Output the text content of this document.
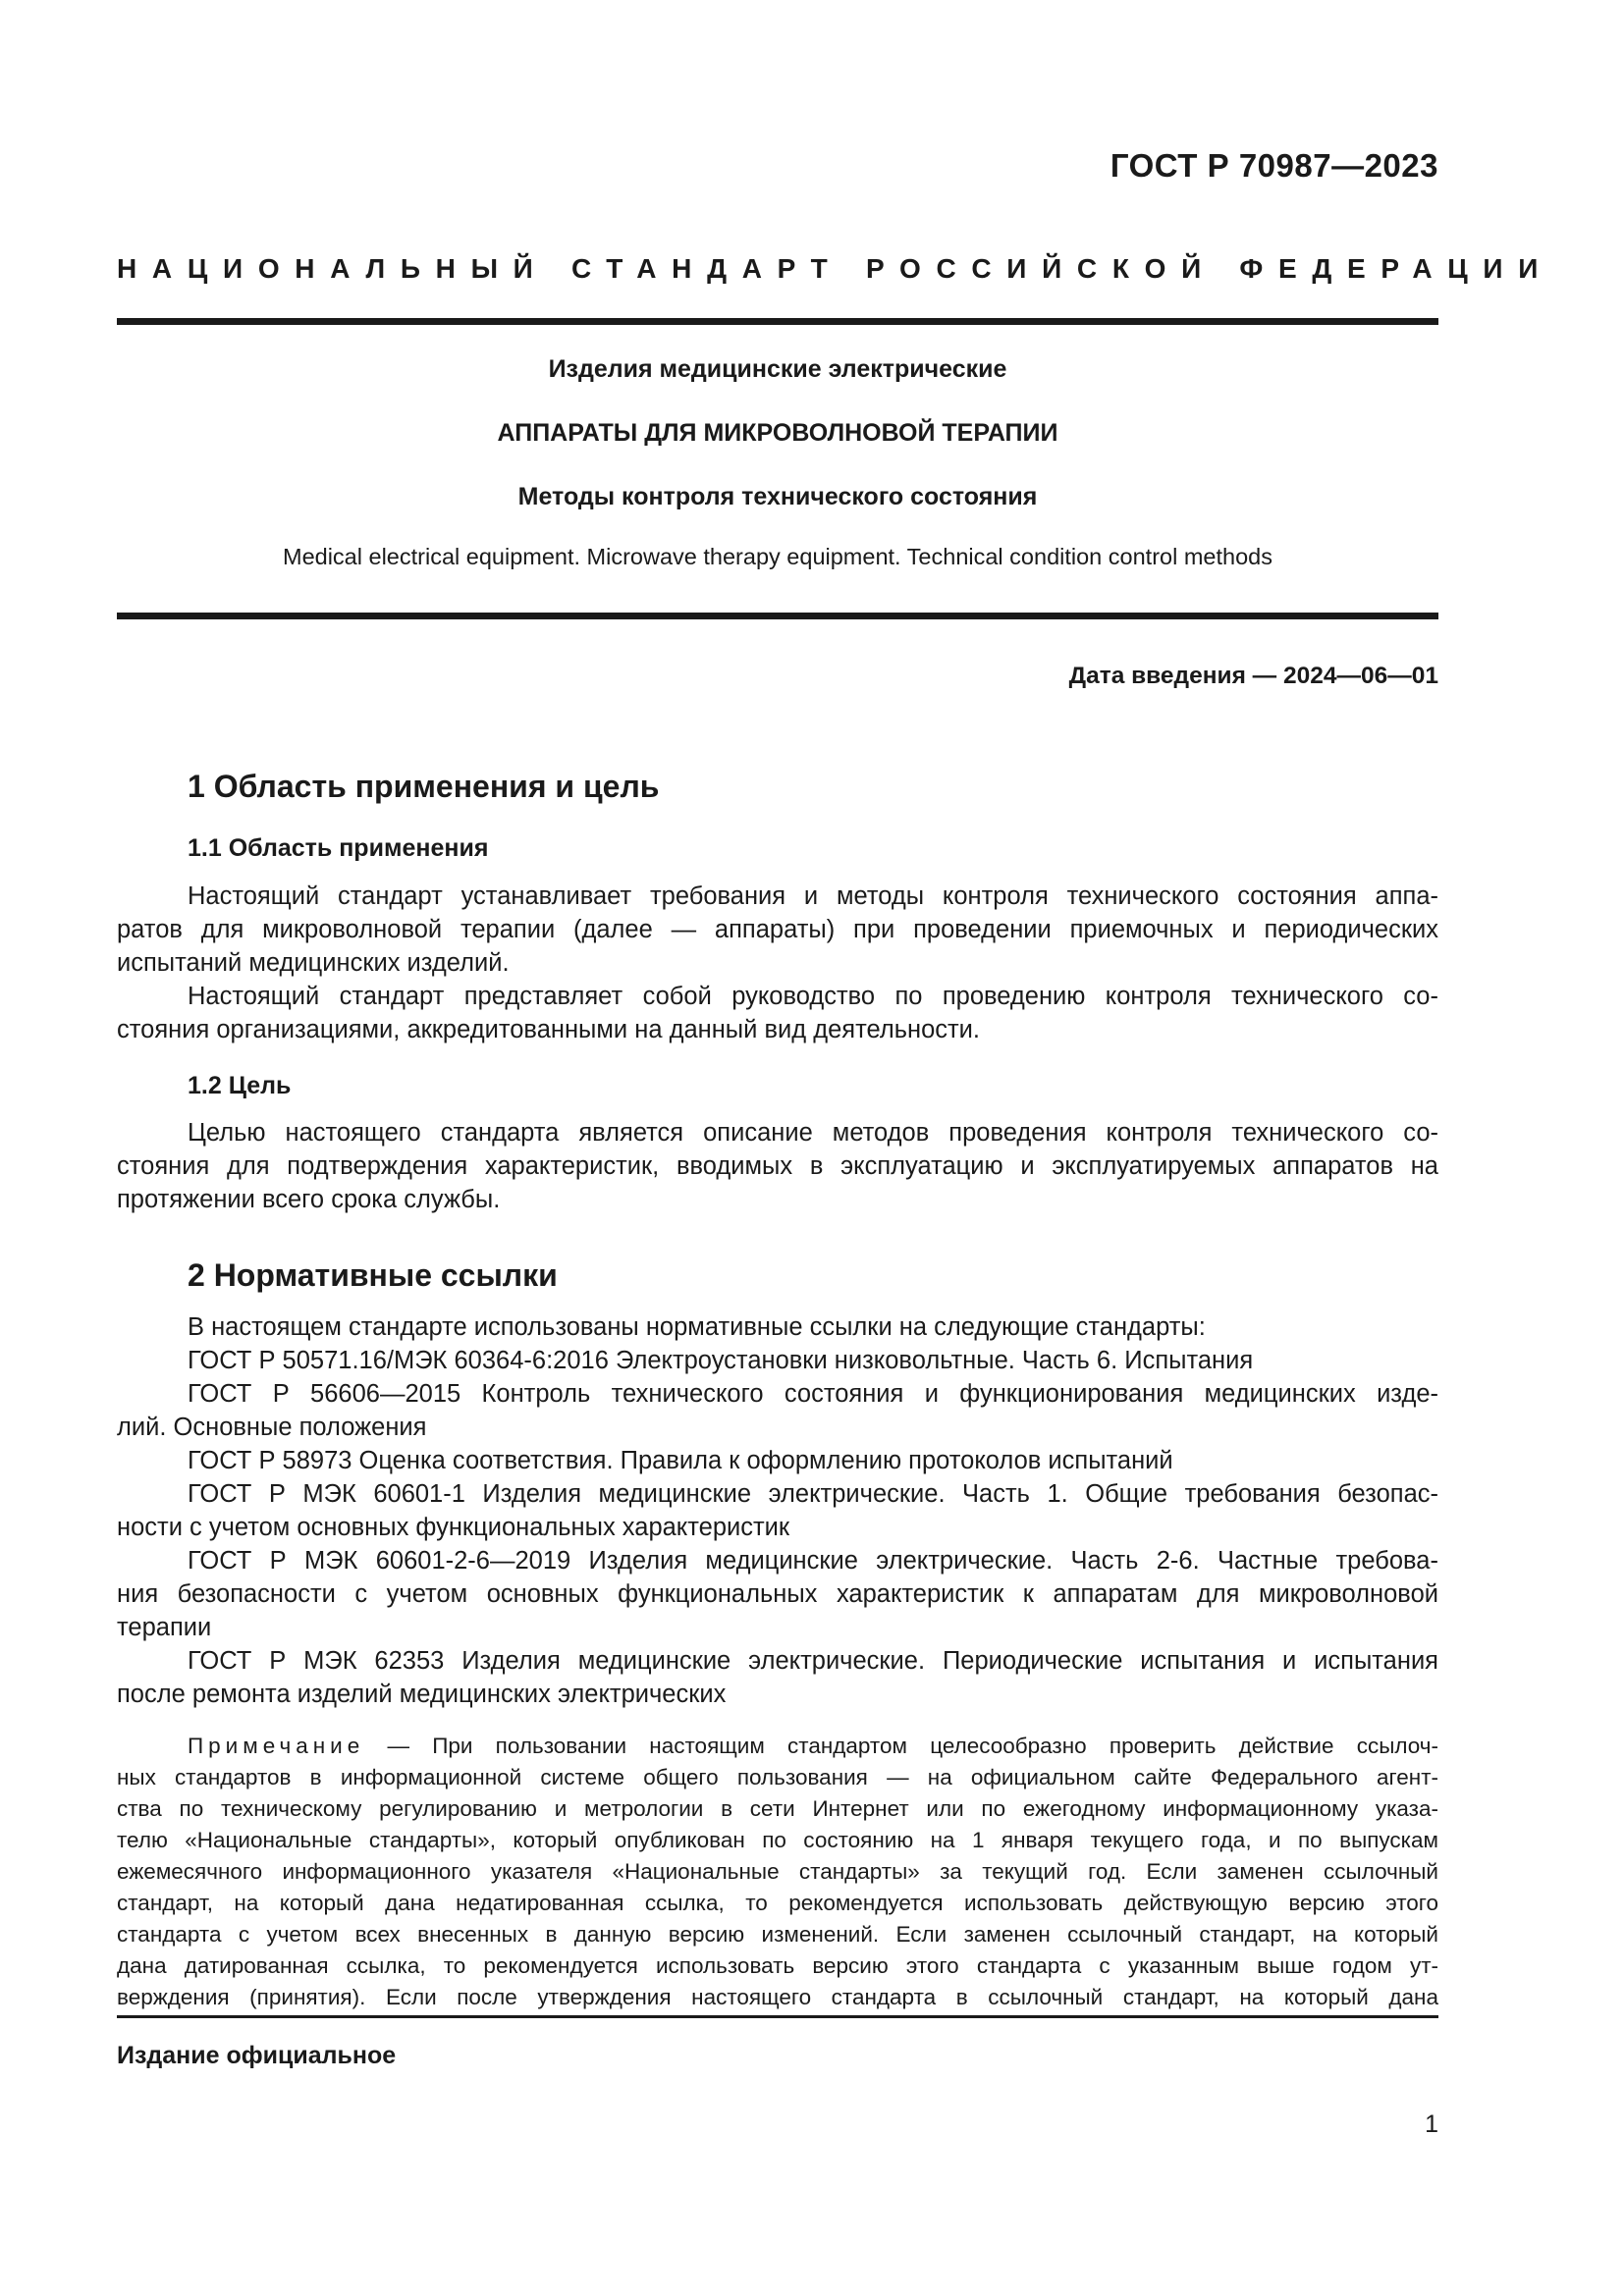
ГОСТ Р 70987—2023
НАЦИОНАЛЬНЫЙ СТАНДАРТ РОССИЙСКОЙ ФЕДЕРАЦИИ
Изделия медицинские электрические
АППАРАТЫ ДЛЯ МИКРОВОЛНОВОЙ ТЕРАПИИ
Методы контроля технического состояния
Medical electrical equipment. Microwave therapy equipment. Technical condition control methods
Дата введения — 2024—06—01
1 Область применения и цель
1.1 Область применения
Настоящий стандарт устанавливает требования и методы контроля технического состояния аппа-
ратов для микроволновой терапии (далее — аппараты) при проведении приемочных и периодических
испытаний медицинских изделий.
Настоящий стандарт представляет собой руководство по проведению контроля технического со-
стояния организациями, аккредитованными на данный вид деятельности.
1.2 Цель
Целью настоящего стандарта является описание методов проведения контроля технического со-
стояния для подтверждения характеристик, вводимых в эксплуатацию и эксплуатируемых аппаратов на
протяжении всего срока службы.
2 Нормативные ссылки
В настоящем стандарте использованы нормативные ссылки на следующие стандарты:
ГОСТ Р 50571.16/МЭК 60364-6:2016 Электроустановки низковольтные. Часть 6. Испытания
ГОСТ Р 56606—2015 Контроль технического состояния и функционирования медицинских изде-
лий. Основные положения
ГОСТ Р 58973 Оценка соответствия. Правила к оформлению протоколов испытаний
ГОСТ Р МЭК 60601-1 Изделия медицинские электрические. Часть 1. Общие требования безопас-
ности с учетом основных функциональных характеристик
ГОСТ Р МЭК 60601-2-6—2019 Изделия медицинские электрические. Часть 2-6. Частные требова-
ния безопасности с учетом основных функциональных характеристик к аппаратам для микроволновой
терапии
ГОСТ Р МЭК 62353 Изделия медицинские электрические. Периодические испытания и испытания
после ремонта изделий медицинских электрических
Примечание — При пользовании настоящим стандартом целесообразно проверить действие ссылоч-
ных стандартов в информационной системе общего пользования — на официальном сайте Федерального агент-
ства по техническому регулированию и метрологии в сети Интернет или по ежегодному информационному указа-
телю «Национальные стандарты», который опубликован по состоянию на 1 января текущего года, и по выпускам
ежемесячного информационного указателя «Национальные стандарты» за текущий год. Если заменен ссылочный
стандарт, на который дана недатированная ссылка, то рекомендуется использовать действующую версию этого
стандарта с учетом всех внесенных в данную версию изменений. Если заменен ссылочный стандарт, на который
дана датированная ссылка, то рекомендуется использовать версию этого стандарта с указанным выше годом ут-
верждения (принятия). Если после утверждения настоящего стандарта в ссылочный стандарт, на который дана
Издание официальное
1
